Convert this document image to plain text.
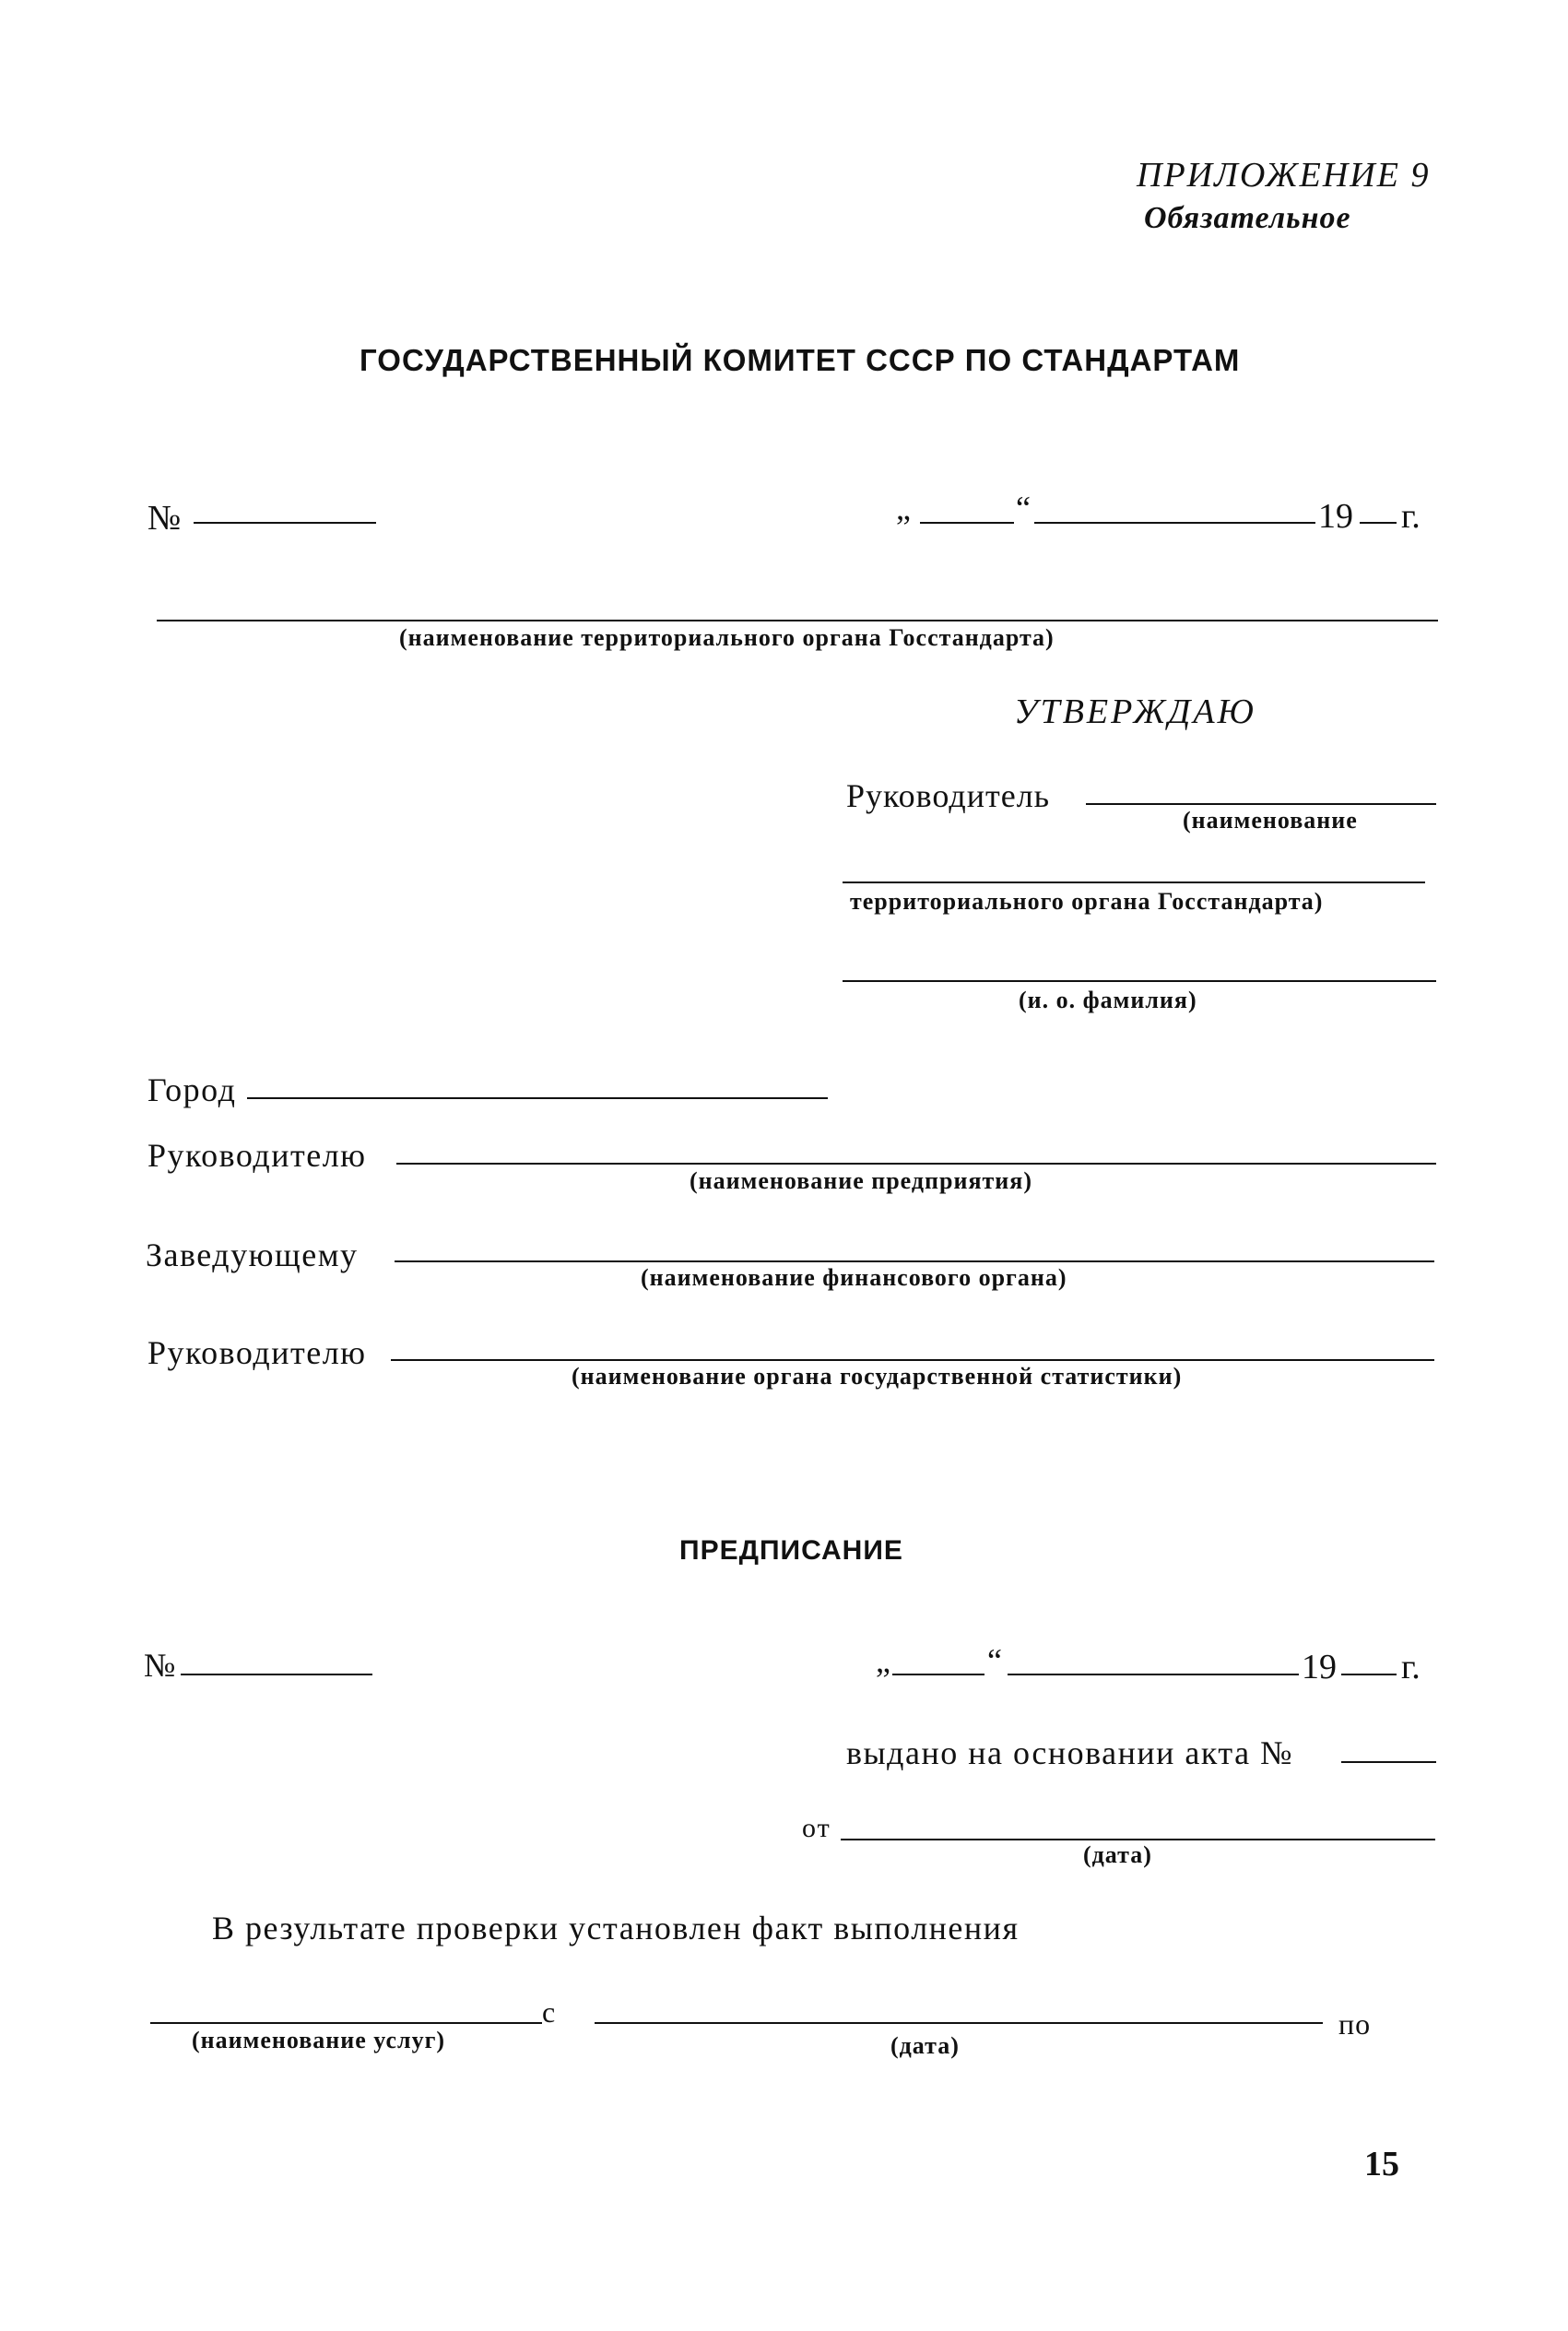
ПРИЛОЖЕНИЕ 9
Обязательное
ГОСУДАРСТВЕННЫЙ КОМИТЕТ СССР ПО СТАНДАРТАМ
№	„	“	19 г.
(наименование территориального органа Госстандарта)
УТВЕРЖДАЮ
Руководитель
(наименование
территориального органа Госстандарта)
(и. о. фамилия)
Город
Руководителю
(наименование предприятия)
Заведующему
(наименование финансового органа)
Руководителю
(наименование органа государственной статистики)
ПРЕДПИСАНИЕ
№	„	“	19 г.
выдано на основании акта №
от
(дата)
В результате проверки установлен факт выполнения
с
(наименование услуг)	(дата)
по
15
